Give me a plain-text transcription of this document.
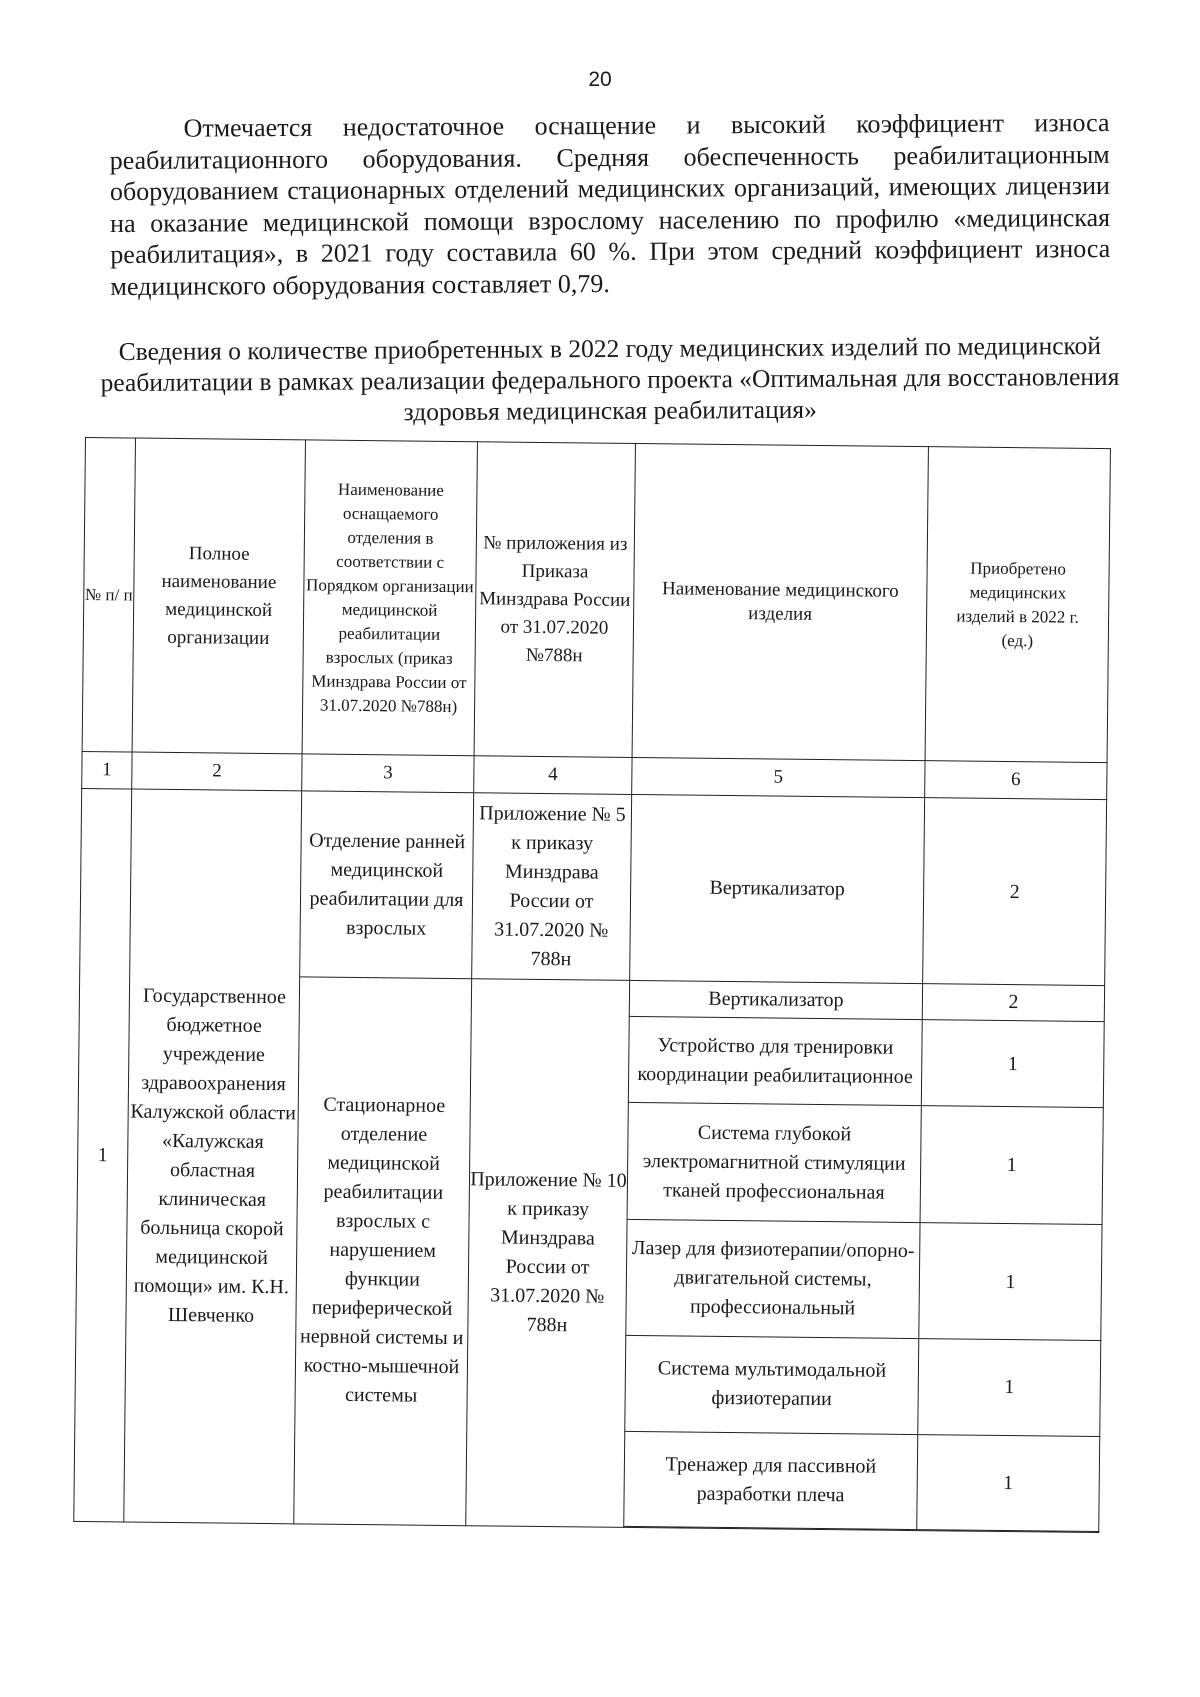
20
Отмечается недостаточное оснащение и высокий коэффициент износа реабилитационного оборудования. Средняя обеспеченность реабилитационным оборудованием стационарных отделений медицинских организаций, имеющих лицензии на оказание медицинской помощи взрослому населению по профилю «медицинская реабилитация», в 2021 году составила 60 %. При этом средний коэффициент износа медицинского оборудования составляет 0,79.
Сведения о количестве приобретенных в 2022 году медицинских изделий по медицинской реабилитации в рамках реализации федерального проекта «Оптимальная для восстановления здоровья медицинская реабилитация»
№ п/ п	Полное наименование медицинской организации	Наименование оснащаемого отделения в соответствии с Порядком организации медицинской реабилитации взрослых (приказ Минздрава России от 31.07.2020 №788н)	№ приложения из Приказа Минздрава России от 31.07.2020 №788н	Наименование медицинского изделия	Приобретено медицинских изделий в 2022 г. (ед.)
1	2	3	4	5	6
1	Государственное бюджетное учреждение здравоохранения Калужской области «Калужская областная клиническая больница скорой медицинской помощи» им. К.Н. Шевченко	Отделение ранней медицинской реабилитации для взрослых	Приложение № 5 к приказу Минздрава России от 31.07.2020 № 788н	Вертикализатор	2
		Стационарное отделение медицинской реабилитации взрослых с нарушением функции периферической нервной системы и костно-мышечной системы	Приложение № 10 к приказу Минздрава России от 31.07.2020 № 788н	Вертикализатор	2
				Устройство для тренировки координации реабилитационное	1
				Система глубокой электромагнитной стимуляции тканей профессиональная	1
				Лазер для физиотерапии/опорно-двигательной системы, профессиональный	1
				Система мультимодальной физиотерапии	1
				Тренажер для пассивной разработки плеча	1
